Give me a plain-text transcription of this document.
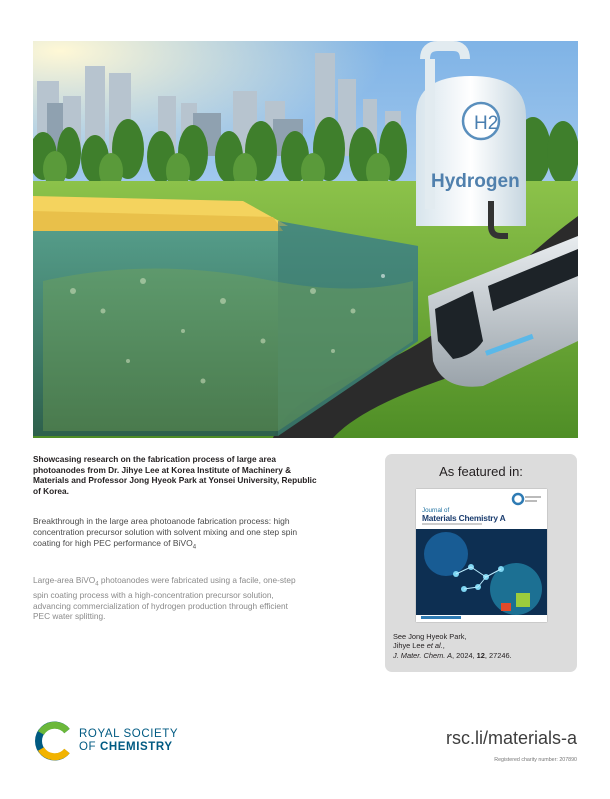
H2
Hydrogen

Showcasing research on the fabrication process of large area photoanodes from Dr. Jihye Lee at Korea Institute of Machinery & Materials and Professor Jong Hyeok Park at Yonsei University, Republic of Korea.

Breakthrough in the large area photoanode fabrication process: high concentration precursor solution with solvent mixing and one step spin coating for high PEC performance of BiVO$_4$

Large-area BiVO$_4$ photoanodes were fabricated using a facile, one-step spin coating process with a high-concentration precursor solution, advancing commercialization of hydrogen production through efficient PEC water splitting.

As featured in:
Journal of
Materials Chemistry A
See Jong Hyeok Park,
Jihye Lee et al.,
J. Mater. Chem. A, 2024, 12, 27246.
ROYAL SOCIETY
OF CHEMISTRY	rsc.li/materials-a
Registered charity number: 207890
